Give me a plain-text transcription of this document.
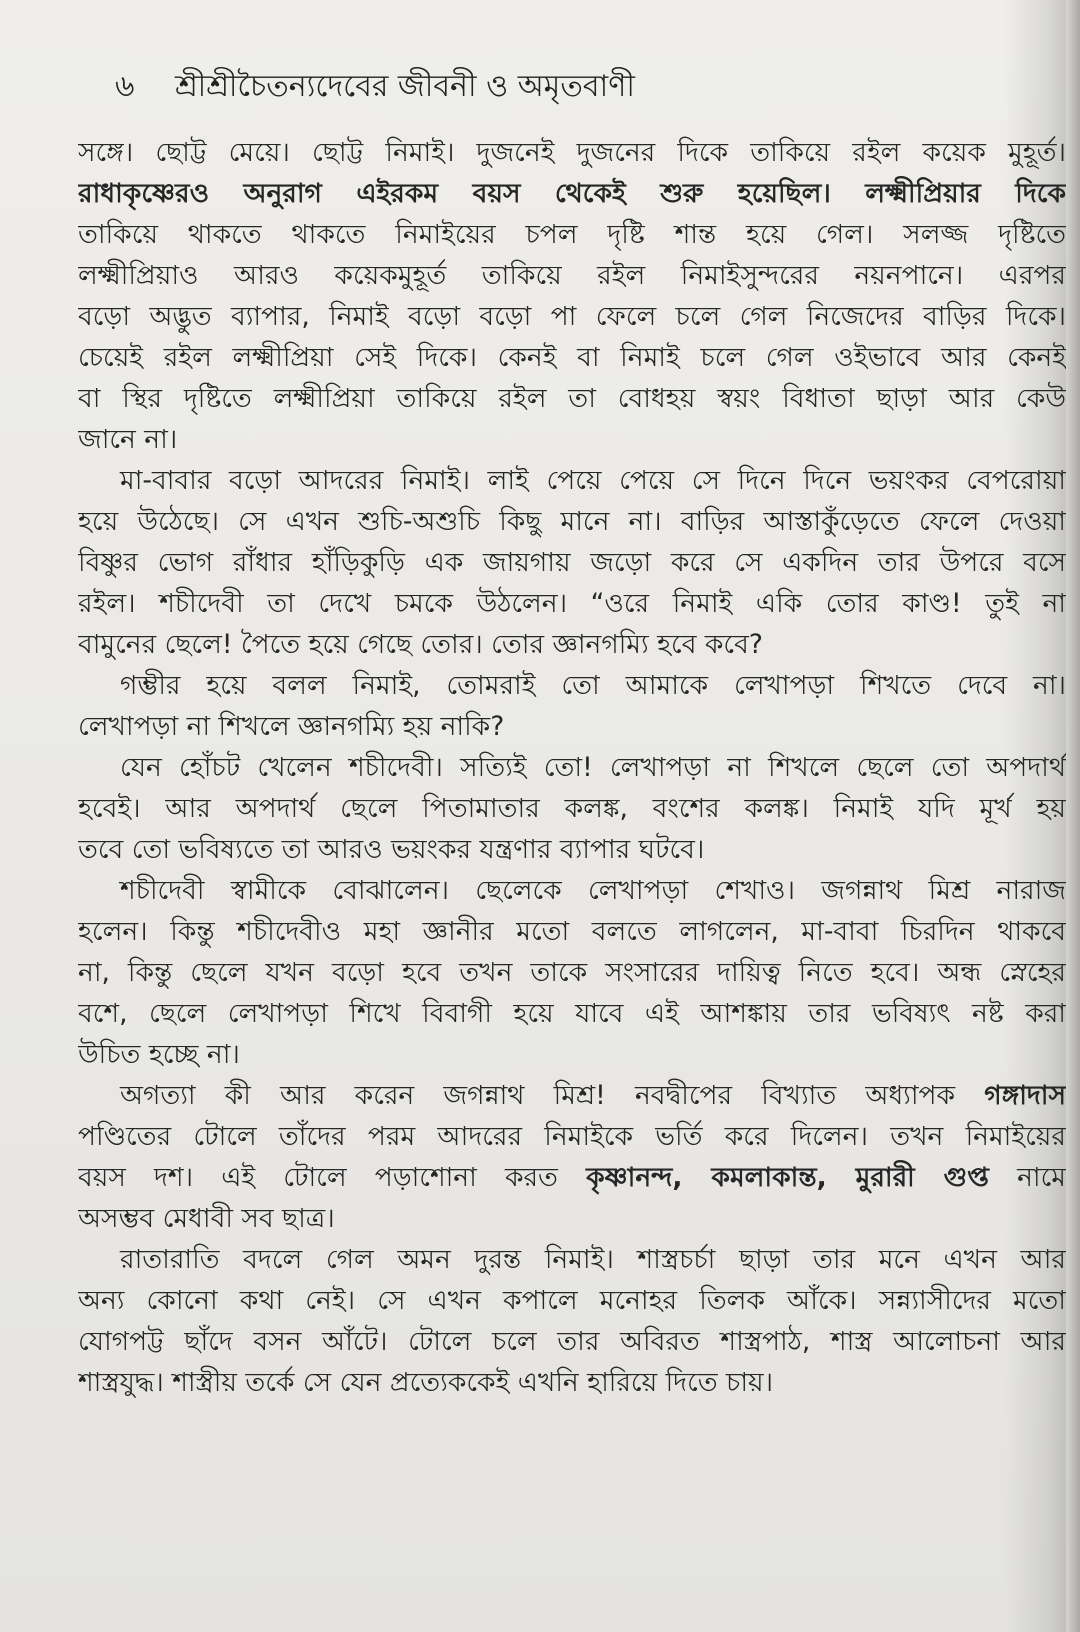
৬ শ্রীশ্রীচৈতন্যদেবের জীবনী ও অমৃতবাণী
সঙ্গে। ছোট্ট মেয়ে। ছোট্ট নিমাই। দুজনেই দুজনের দিকে তাকিয়ে রইল কয়েক মুহূর্ত।
রাধাকৃষ্ণেরও অনুরাগ এইরকম বয়স থেকেই শুরু হয়েছিল। লক্ষ্মীপ্রিয়ার দিকে
তাকিয়ে থাকতে থাকতে নিমাইয়ের চপল দৃষ্টি শান্ত হয়ে গেল। সলজ্জ দৃষ্টিতে
লক্ষ্মীপ্রিয়াও আরও কয়েকমুহূর্ত তাকিয়ে রইল নিমাইসুন্দরের নয়নপানে। এরপর
বড়ো অদ্ভুত ব্যাপার, নিমাই বড়ো বড়ো পা ফেলে চলে গেল নিজেদের বাড়ির দিকে।
চেয়েই রইল লক্ষ্মীপ্রিয়া সেই দিকে। কেনই বা নিমাই চলে গেল ওইভাবে আর কেনই
বা স্থির দৃষ্টিতে লক্ষ্মীপ্রিয়া তাকিয়ে রইল তা বোধহয় স্বয়ং বিধাতা ছাড়া আর কেউ
জানে না।
মা-বাবার বড়ো আদরের নিমাই। লাই পেয়ে পেয়ে সে দিনে দিনে ভয়ংকর বেপরোয়া
হয়ে উঠেছে। সে এখন শুচি-অশুচি কিছু মানে না। বাড়ির আস্তাকুঁড়েতে ফেলে দেওয়া
বিষ্ণুর ভোগ রাঁধার হাঁড়িকুড়ি এক জায়গায় জড়ো করে সে একদিন তার উপরে বসে
রইল। শচীদেবী তা দেখে চমকে উঠলেন। “ওরে নিমাই একি তোর কাণ্ড! তুই না
বামুনের ছেলে! পৈতে হয়ে গেছে তোর। তোর জ্ঞানগম্যি হবে কবে?
গম্ভীর হয়ে বলল নিমাই, তোমরাই তো আমাকে লেখাপড়া শিখতে দেবে না।
লেখাপড়া না শিখলে জ্ঞানগম্যি হয় নাকি?
যেন হোঁচট খেলেন শচীদেবী। সত্যিই তো! লেখাপড়া না শিখলে ছেলে তো অপদার্থ
হবেই। আর অপদার্থ ছেলে পিতামাতার কলঙ্ক, বংশের কলঙ্ক। নিমাই যদি মূর্খ হয়
তবে তো ভবিষ্যতে তা আরও ভয়ংকর যন্ত্রণার ব্যাপার ঘটবে।
শচীদেবী স্বামীকে বোঝালেন। ছেলেকে লেখাপড়া শেখাও। জগন্নাথ মিশ্র নারাজ
হলেন। কিন্তু শচীদেবীও মহা জ্ঞানীর মতো বলতে লাগলেন, মা-বাবা চিরদিন থাকবে
না, কিন্তু ছেলে যখন বড়ো হবে তখন তাকে সংসারের দায়িত্ব নিতে হবে। অন্ধ স্নেহের
বশে, ছেলে লেখাপড়া শিখে বিবাগী হয়ে যাবে এই আশঙ্কায় তার ভবিষ্যৎ নষ্ট করা
উচিত হচ্ছে না।
অগত্যা কী আর করেন জগন্নাথ মিশ্র! নবদ্বীপের বিখ্যাত অধ্যাপক গঙ্গাদাস
পণ্ডিতের টোলে তাঁদের পরম আদরের নিমাইকে ভর্তি করে দিলেন। তখন নিমাইয়ের
বয়স দশ। এই টোলে পড়াশোনা করত কৃষ্ণানন্দ, কমলাকান্ত, মুরারী গুপ্ত নামে
অসম্ভব মেধাবী সব ছাত্র।
রাতারাতি বদলে গেল অমন দুরন্ত নিমাই। শাস্ত্রচর্চা ছাড়া তার মনে এখন আর
অন্য কোনো কথা নেই। সে এখন কপালে মনোহর তিলক আঁকে। সন্ন্যাসীদের মতো
যোগপট্ট ছাঁদে বসন আঁটে। টোলে চলে তার অবিরত শাস্ত্রপাঠ, শাস্ত্র আলোচনা আর
শাস্ত্রযুদ্ধ। শাস্ত্রীয় তর্কে সে যেন প্রত্যেককেই এখনি হারিয়ে দিতে চায়।
